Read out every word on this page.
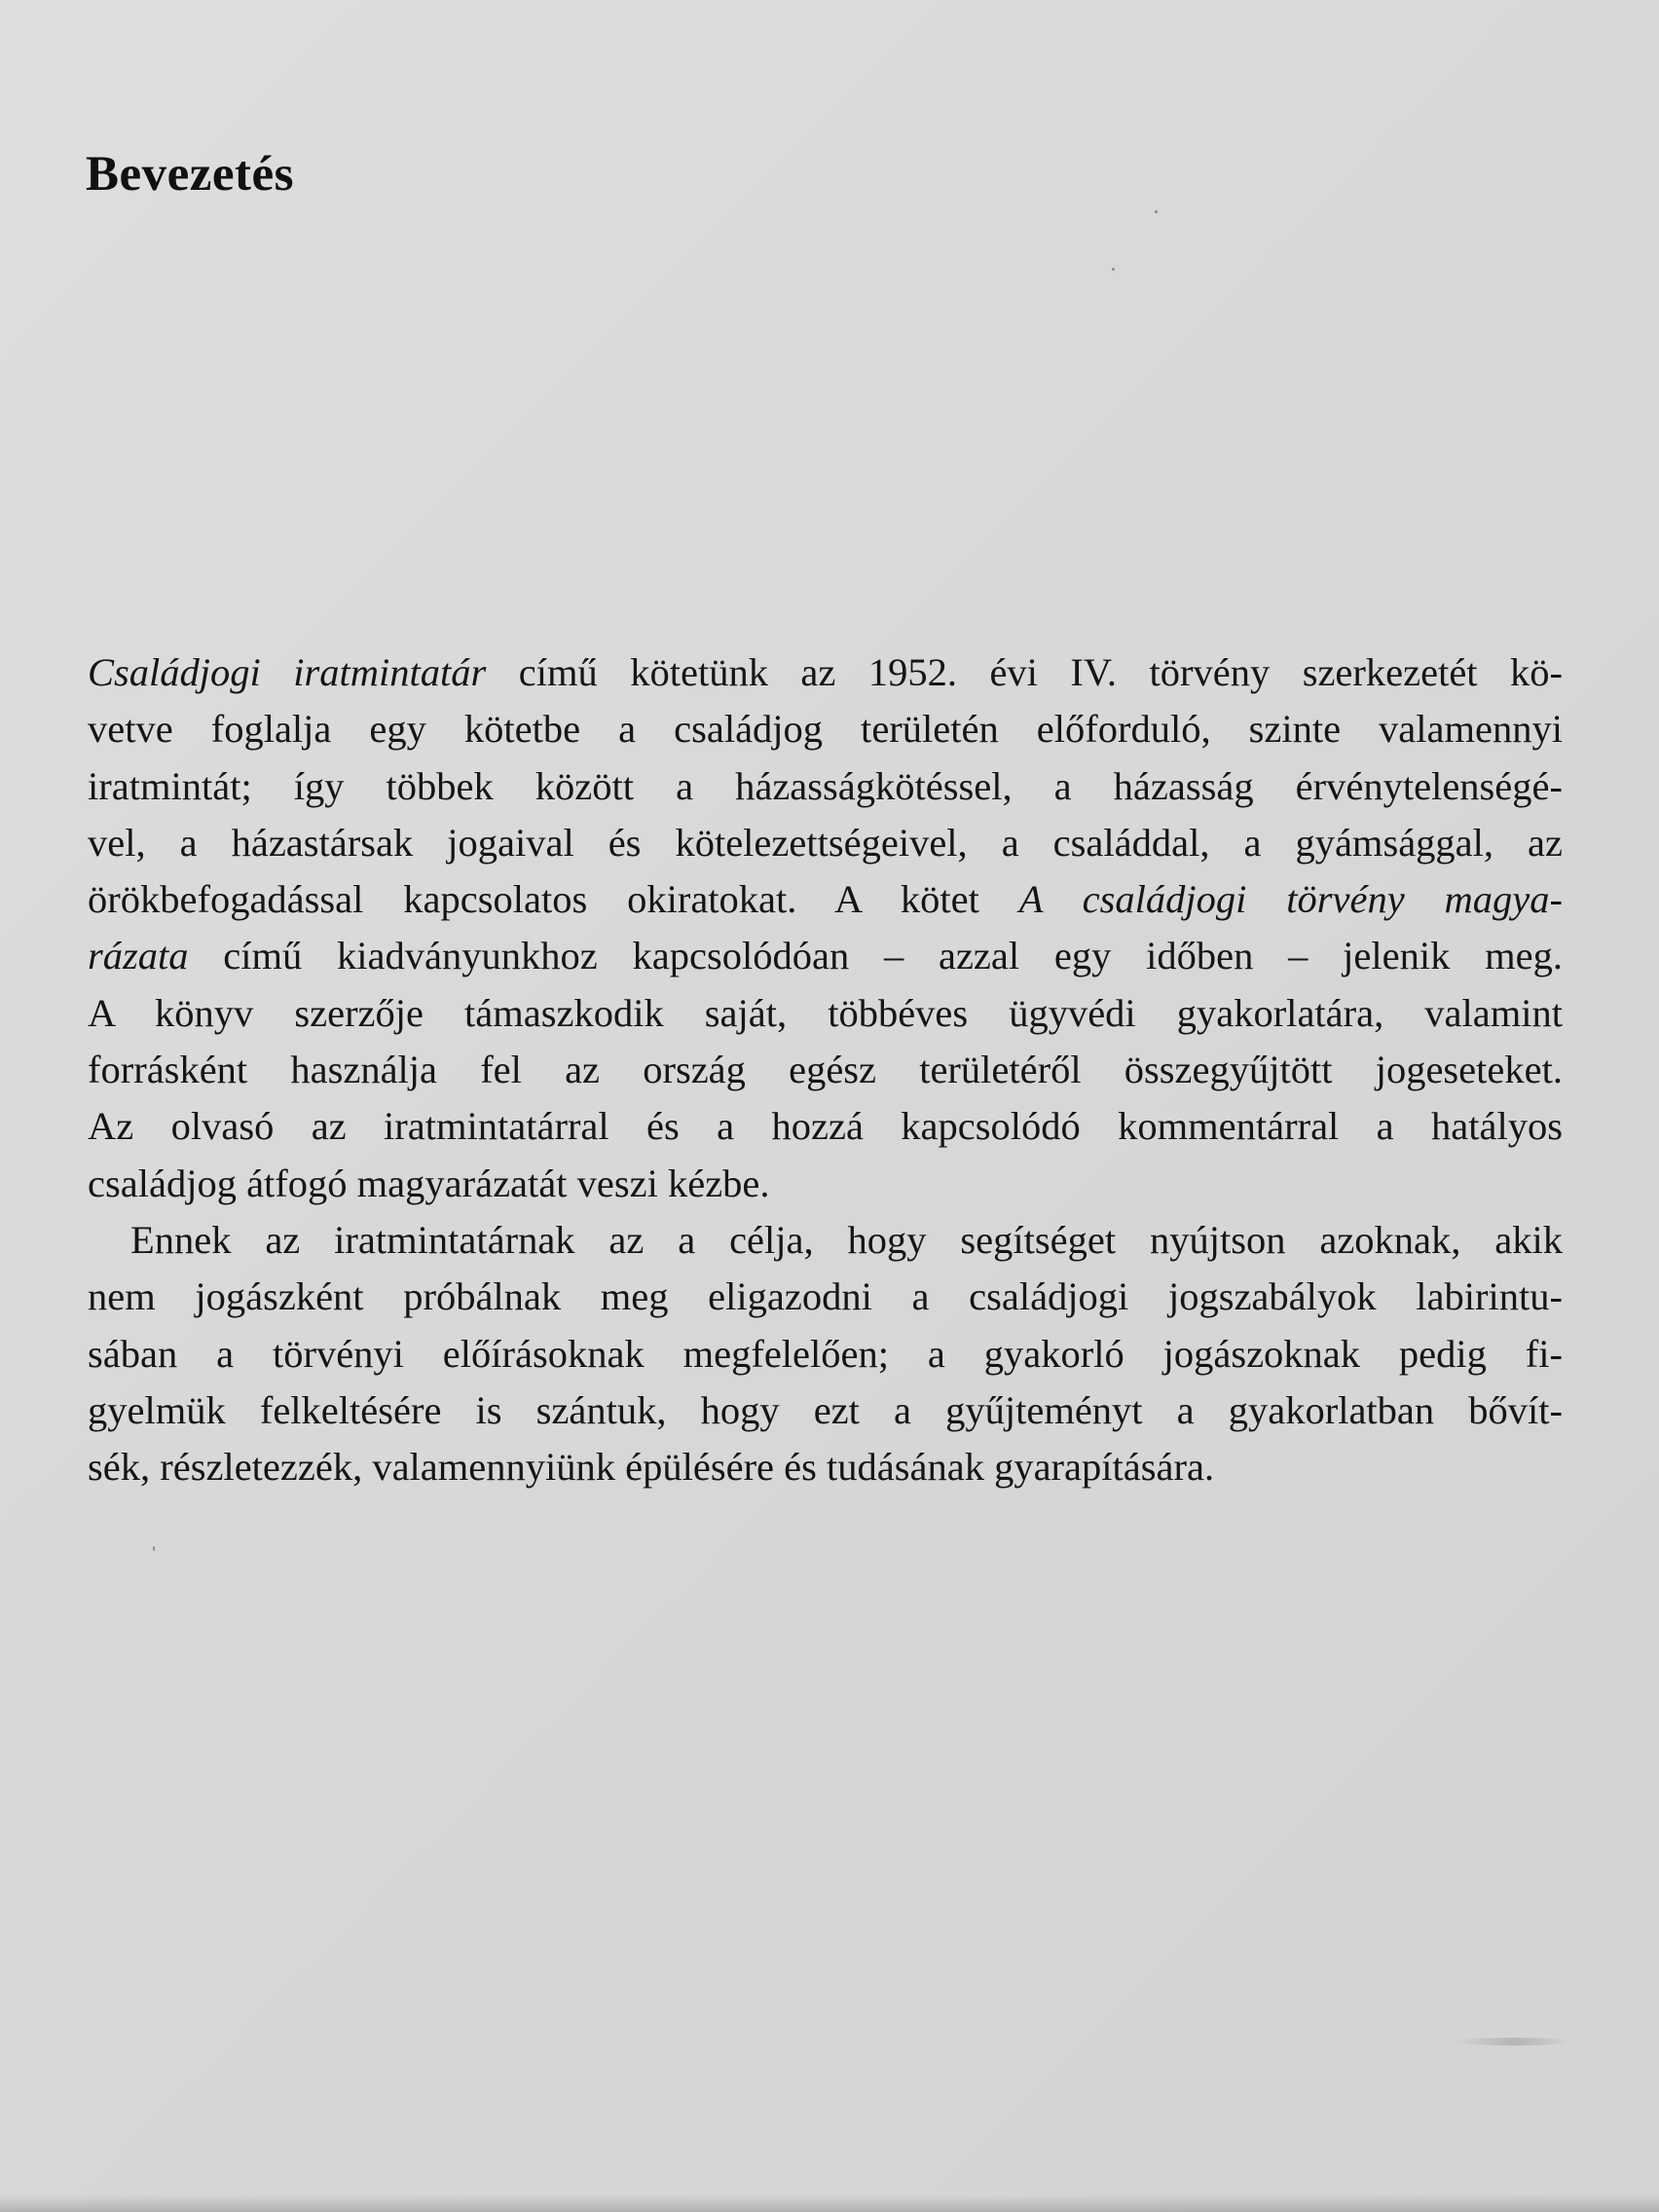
Bevezetés
Családjogi iratmintatár című kötetünk az 1952. évi IV. törvény szerkezetét kö-
vetve foglalja egy kötetbe a családjog területén előforduló, szinte valamennyi
iratmintát; így többek között a házasságkötéssel, a házasság érvénytelenségé-
vel, a házastársak jogaival és kötelezettségeivel, a családdal, a gyámsággal, az
örökbefogadással kapcsolatos okiratokat. A kötet A családjogi törvény magya-
rázata című kiadványunkhoz kapcsolódóan – azzal egy időben – jelenik meg.
A könyv szerzője támaszkodik saját, többéves ügyvédi gyakorlatára, valamint
forrásként használja fel az ország egész területéről összegyűjtött jogeseteket.
Az olvasó az iratmintatárral és a hozzá kapcsolódó kommentárral a hatályos
családjog átfogó magyarázatát veszi kézbe.
Ennek az iratmintatárnak az a célja, hogy segítséget nyújtson azoknak, akik
nem jogászként próbálnak meg eligazodni a családjogi jogszabályok labirintu-
sában a törvényi előírásoknak megfelelően; a gyakorló jogászoknak pedig fi-
gyelmük felkeltésére is szántuk, hogy ezt a gyűjteményt a gyakorlatban bővít-
sék, részletezzék, valamennyiünk épülésére és tudásának gyarapítására.
